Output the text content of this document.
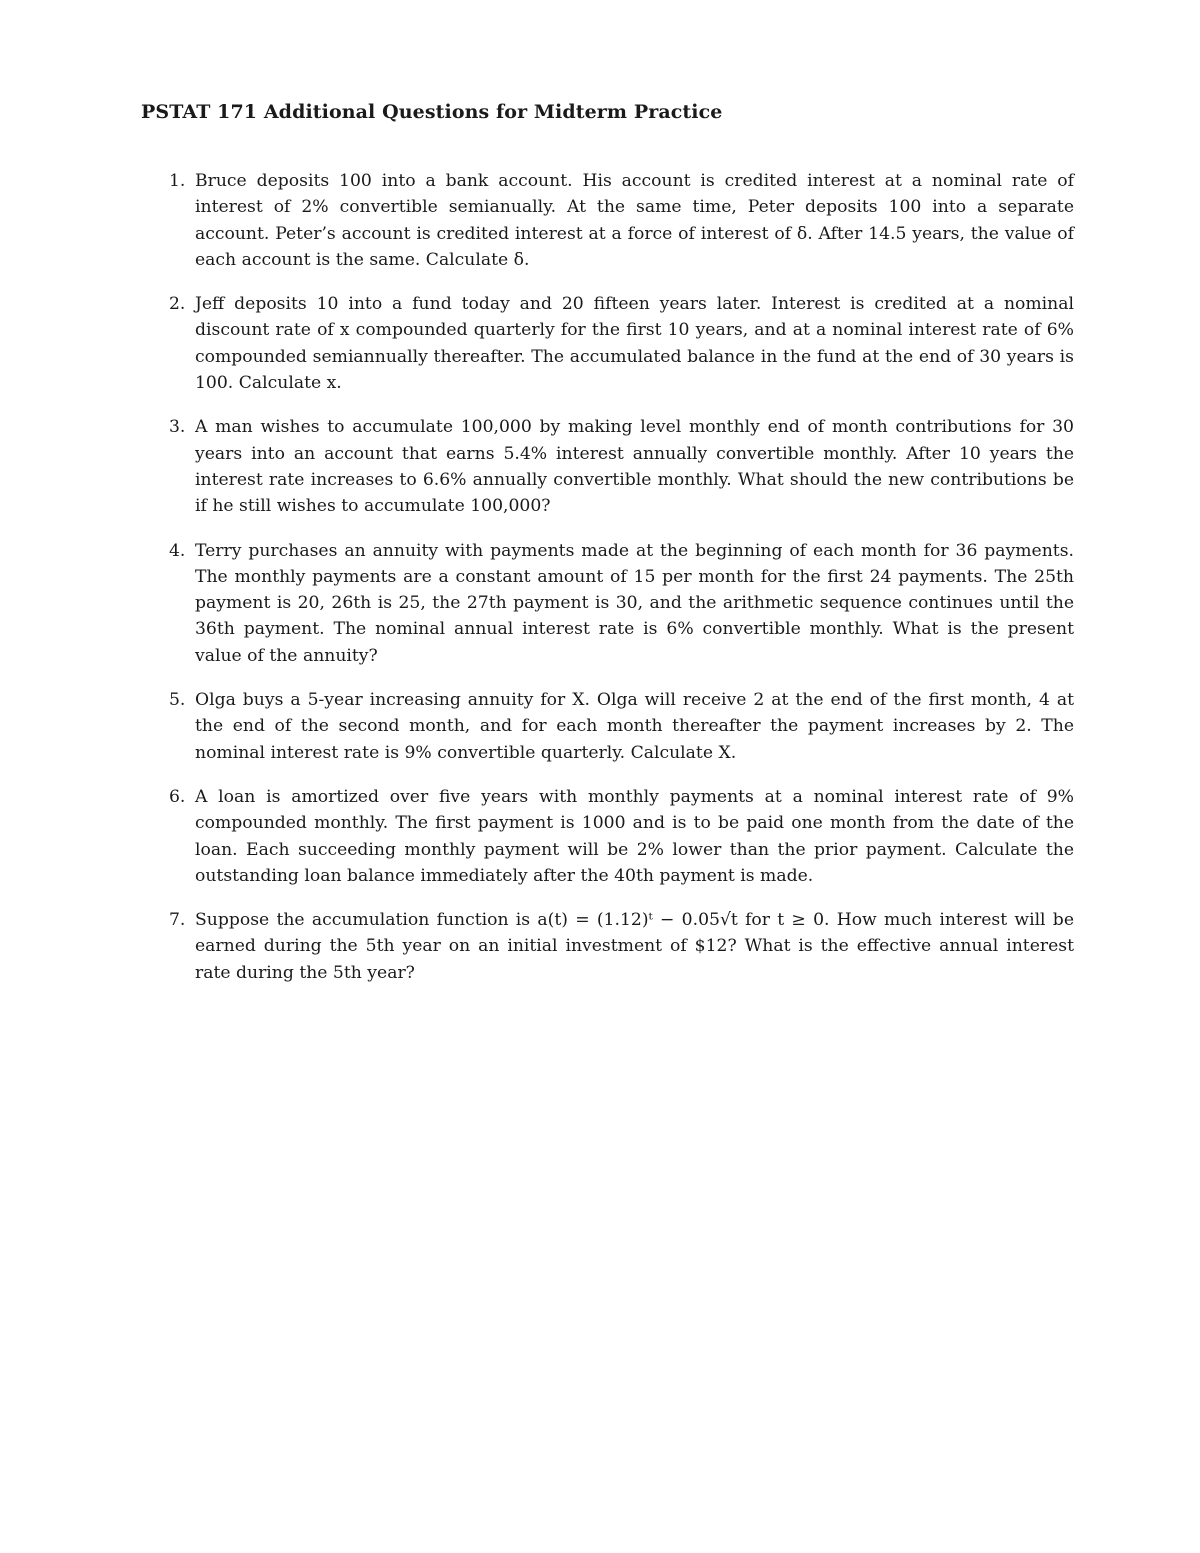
PSTAT 171 Additional Questions for Midterm Practice
1. Bruce deposits 100 into a bank account. His account is credited interest at a nominal rate of interest of 2% convertible semianually. At the same time, Peter deposits 100 into a separate account. Peter’s account is credited interest at a force of interest of δ. After 14.5 years, the value of each account is the same. Calculate δ.
2. Jeff deposits 10 into a fund today and 20 fifteen years later. Interest is credited at a nominal discount rate of x compounded quarterly for the first 10 years, and at a nominal interest rate of 6% compounded semiannually thereafter. The accumulated balance in the fund at the end of 30 years is 100. Calculate x.
3. A man wishes to accumulate 100,000 by making level monthly end of month contributions for 30 years into an account that earns 5.4% interest annually convertible monthly. After 10 years the interest rate increases to 6.6% annually convertible monthly. What should the new contributions be if he still wishes to accumulate 100,000?
4. Terry purchases an annuity with payments made at the beginning of each month for 36 payments. The monthly payments are a constant amount of 15 per month for the first 24 payments. The 25th payment is 20, 26th is 25, the 27th payment is 30, and the arithmetic sequence continues until the 36th payment. The nominal annual interest rate is 6% convertible monthly. What is the present value of the annuity?
5. Olga buys a 5-year increasing annuity for X. Olga will receive 2 at the end of the first month, 4 at the end of the second month, and for each month thereafter the payment increases by 2. The nominal interest rate is 9% convertible quarterly. Calculate X.
6. A loan is amortized over five years with monthly payments at a nominal interest rate of 9% compounded monthly. The first payment is 1000 and is to be paid one month from the date of the loan. Each succeeding monthly payment will be 2% lower than the prior payment. Calculate the outstanding loan balance immediately after the 40th payment is made.
7. Suppose the accumulation function is a(t) = (1.12)ᵗ − 0.05√t for t ≥ 0. How much interest will be earned during the 5th year on an initial investment of $12? What is the effective annual interest rate during the 5th year?
